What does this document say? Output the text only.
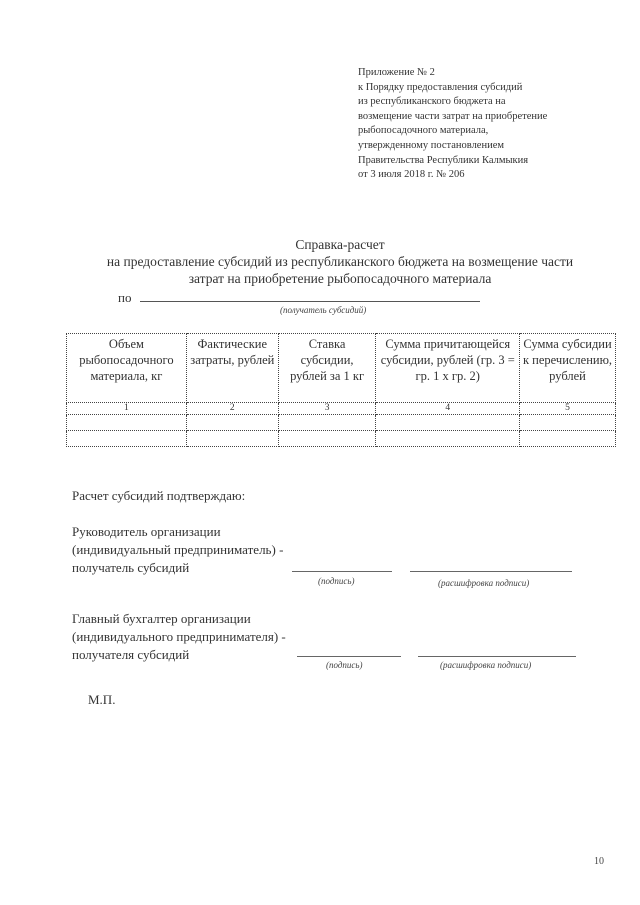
Приложение № 2
к Порядку предоставления субсидий
из республиканского бюджета на
возмещение части затрат на приобретение
рыбопосадочного материала,
утвержденному постановлением
Правительства Республики Калмыкия
от 3 июля 2018 г. № 206
Справка-расчет
на предоставление субсидий из республиканского бюджета на возмещение части
затрат на приобретение рыбопосадочного материала
по
(получатель субсидий)
Объем рыбопосадочного материала, кг	Фактические затраты, рублей	Ставка субсидии, рублей за 1 кг	Сумма причитающейся субсидии, рублей (гр. 3 = гр. 1 x гр. 2)	Сумма субсидии к перечислению, рублей
1	2	3	4	5

Расчет субсидий подтверждаю:
Руководитель организации
(индивидуальный предприниматель) -
получатель субсидий
(подпись)	(расшифровка подписи)
Главный бухгалтер организации
(индивидуального предпринимателя) -
получателя субсидий
(подпись)	(расшифровка подписи)
М.П.
10
